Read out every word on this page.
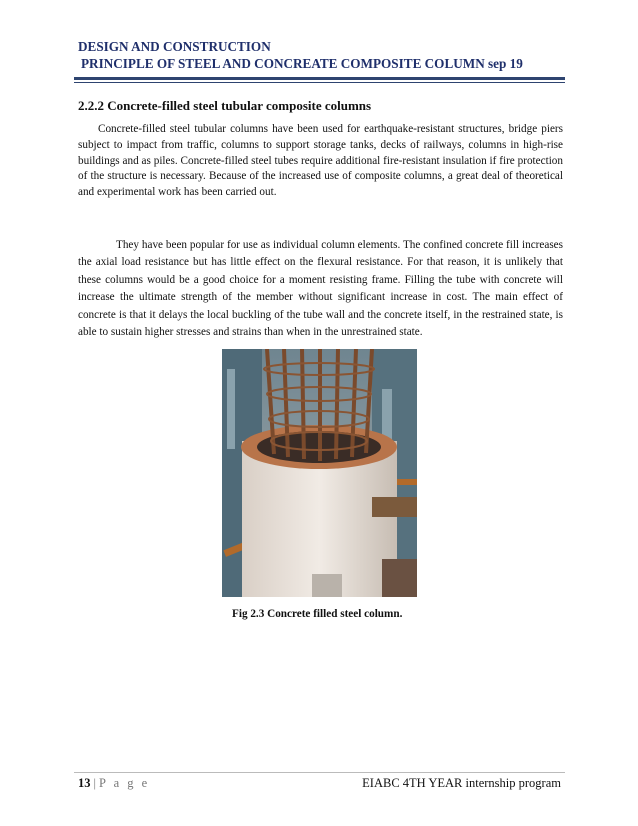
DESIGN AND CONSTRUCTION
PRINCIPLE OF STEEL AND CONCREATE COMPOSITE COLUMN sep 19
2.2.2 Concrete-filled steel tubular composite columns

Concrete-filled steel tubular columns have been used for earthquake-resistant structures, bridge piers subject to impact from traffic, columns to support storage tanks, decks of railways, columns in high-rise buildings and as piles. Concrete-filled steel tubes require additional fire-resistant insulation if fire protection of the structure is necessary. Because of the increased use of composite columns, a great deal of theoretical and experimental work has been carried out.

They have been popular for use as individual column elements. The confined concrete fill increases the axial load resistance but has little effect on the flexural resistance. For that reason, it is unlikely that these columns would be a good choice for a moment resisting frame. Filling the tube with concrete will increase the ultimate strength of the member without significant increase in cost. The main effect of concrete is that it delays the local buckling of the tube wall and the concrete itself, in the restrained state, is able to sustain higher stresses and strains than when in the unrestrained state.

Fig 2.3 Concrete filled steel column.
13 | P a g e	EIABC 4TH YEAR internship program
